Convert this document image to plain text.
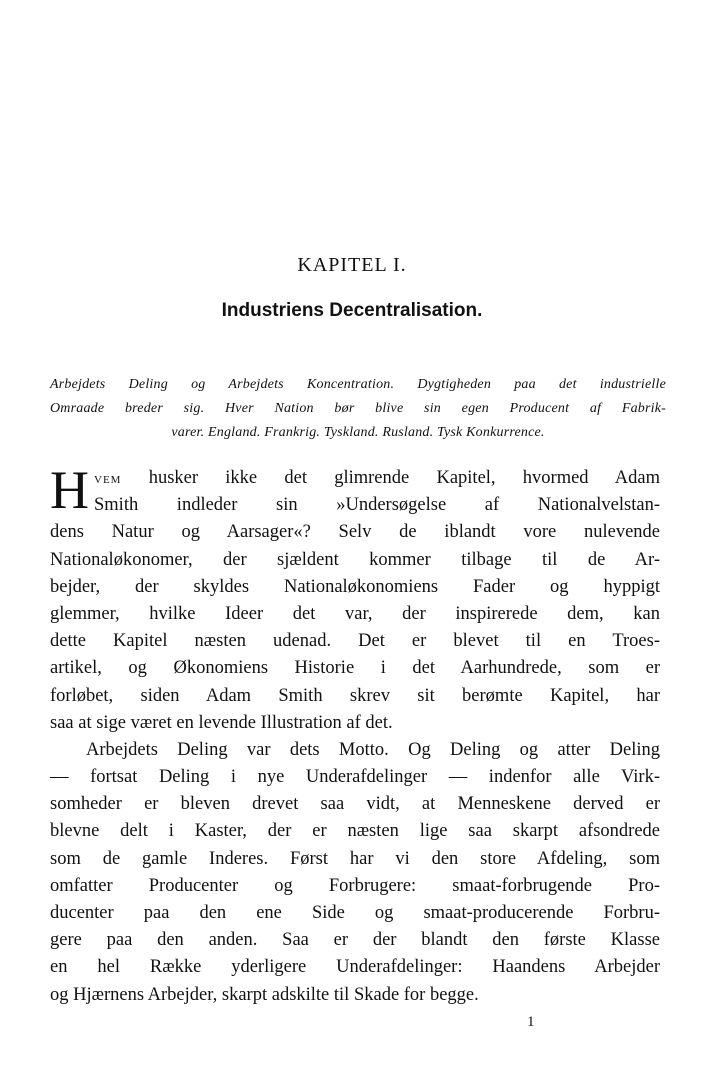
KAPITEL I.
Industriens Decentralisation.
Arbejdets Deling og Arbejdets Koncentration. Dygtigheden paa det industrielle
Omraade breder sig. Hver Nation bør blive sin egen Producent af Fabrik-
varer. England. Frankrig. Tyskland. Rusland. Tysk Konkurrence.
H vem husker ikke det glimrende Kapitel, hvormed Adam
Smith indleder sin »Undersøgelse af Nationalvelstan-
dens Natur og Aarsager«? Selv de iblandt vore nulevende
Nationaløkonomer, der sjældent kommer tilbage til de Ar-
bejder, der skyldes Nationaløkonomiens Fader og hyppigt
glemmer, hvilke Ideer det var, der inspirerede dem, kan
dette Kapitel næsten udenad. Det er blevet til en Troes-
artikel, og Økonomiens Historie i det Aarhundrede, som er
forløbet, siden Adam Smith skrev sit berømte Kapitel, har
saa at sige været en levende Illustration af det.
Arbejdets Deling var dets Motto. Og Deling og atter Deling
— fortsat Deling i nye Underafdelinger — indenfor alle Virk-
somheder er bleven drevet saa vidt, at Menneskene derved er
blevne delt i Kaster, der er næsten lige saa skarpt afsondrede
som de gamle Inderes. Først har vi den store Afdeling, som
omfatter Producenter og Forbrugere: smaat-forbrugende Pro-
ducenter paa den ene Side og smaat-producerende Forbru-
gere paa den anden. Saa er der blandt den første Klasse
en hel Række yderligere Underafdelinger: Haandens Arbejder
og Hjærnens Arbejder, skarpt adskilte til Skade for begge.
1
